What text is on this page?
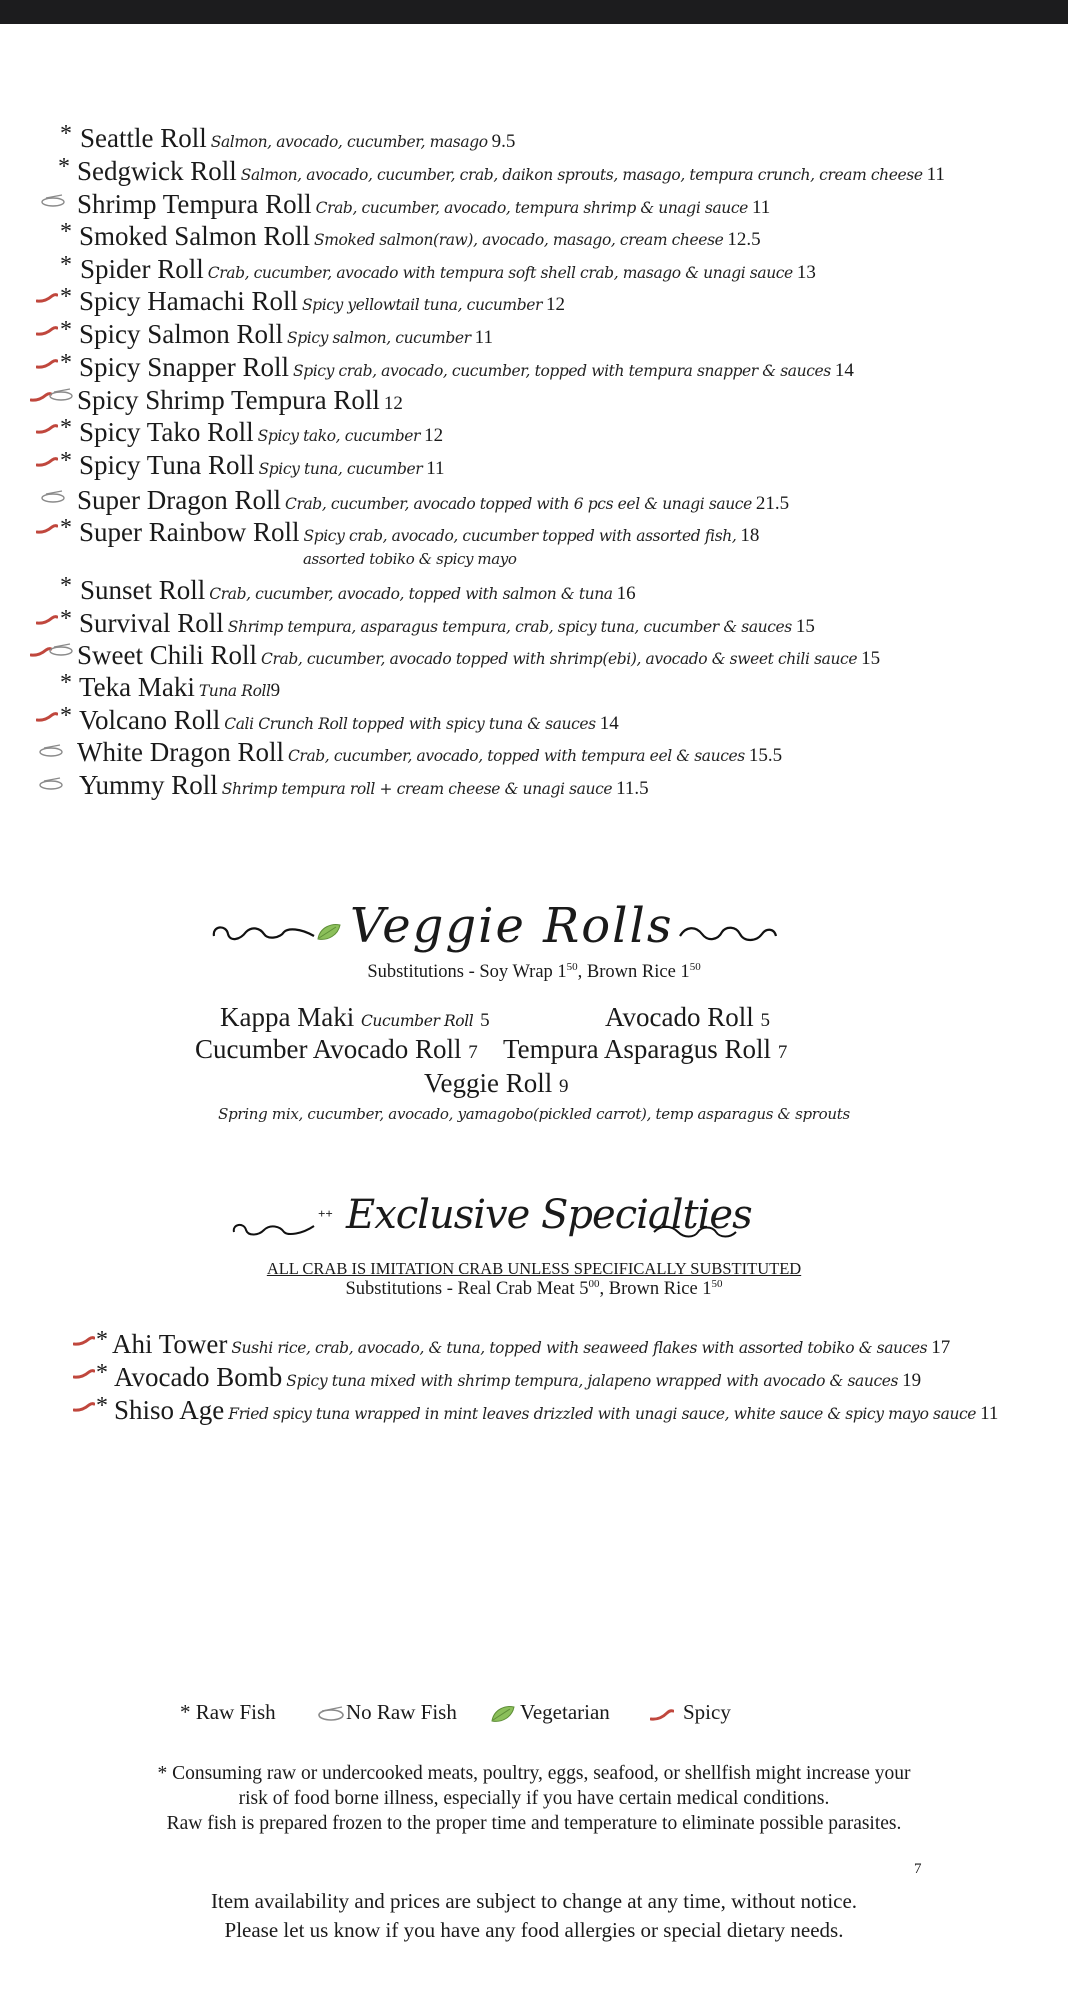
* Seattle Roll Salmon, avocado, cucumber, masago 9.5
* Sedgwick Roll Salmon, avocado, cucumber, crab, daikon sprouts, masago, tempura crunch, cream cheese 11
Shrimp Tempura Roll Crab, cucumber, avocado, tempura shrimp & unagi sauce 11
* Smoked Salmon Roll Smoked salmon(raw), avocado, masago, cream cheese 12.5
* Spider Roll Crab, cucumber, avocado with tempura soft shell crab, masago & unagi sauce 13
* Spicy Hamachi Roll Spicy yellowtail tuna, cucumber 12
* Spicy Salmon Roll Spicy salmon, cucumber 11
* Spicy Snapper Roll Spicy crab, avocado, cucumber, topped with tempura snapper & sauces 14
Spicy Shrimp Tempura Roll 12
* Spicy Tako Roll Spicy tako, cucumber 12
* Spicy Tuna Roll Spicy tuna, cucumber 11
Super Dragon Roll Crab, cucumber, avocado topped with 6 pcs eel & unagi sauce 21.5
* Super Rainbow Roll Spicy crab, avocado, cucumber topped with assorted fish, 18
assorted tobiko & spicy mayo
* Sunset Roll Crab, cucumber, avocado, topped with salmon & tuna 16
* Survival Roll Shrimp tempura, asparagus tempura, crab, spicy tuna, cucumber & sauces 15
Sweet Chili Roll Crab, cucumber, avocado topped with shrimp(ebi), avocado & sweet chili sauce 15
* Teka Maki Tuna Roll9
* Volcano Roll Cali Crunch Roll topped with spicy tuna & sauces 14
White Dragon Roll Crab, cucumber, avocado, topped with tempura eel & sauces 15.5
Yummy Roll Shrimp tempura roll + cream cheese & unagi sauce 11.5
Veggie Rolls
Substitutions - Soy Wrap $1^{50}$, Brown Rice $1^{50}$
Kappa Maki Cucumber Roll 5	Avocado Roll 5
Cucumber Avocado Roll 7 Tempura Asparagus Roll 7
Veggie Roll 9
Spring mix, cucumber, avocado, yamagobo(pickled carrot), temp asparagus & sprouts
++ Exclusive Specialties
ALL CRAB IS IMITATION CRAB UNLESS SPECIFICALLY SUBSTITUTED
Substitutions - Real Crab Meat $5^{00}$, Brown Rice $1^{50}$
* Ahi Tower Sushi rice, crab, avocado, & tuna, topped with seaweed flakes with assorted tobiko & sauces 17
* Avocado Bomb Spicy tuna mixed with shrimp tempura, jalapeno wrapped with avocado & sauces 19
* Shiso Age Fried spicy tuna wrapped in mint leaves drizzled with unagi sauce, white sauce & spicy mayo sauce 11
* Raw Fish	No Raw Fish	Vegetarian	Spicy
* Consuming raw or undercooked meats, poultry, eggs, seafood, or shellfish might increase your
risk of food borne illness, especially if you have certain medical conditions.
Raw fish is prepared frozen to the proper time and temperature to eliminate possible parasites.
7
Item availability and prices are subject to change at any time, without notice.
Please let us know if you have any food allergies or special dietary needs.
